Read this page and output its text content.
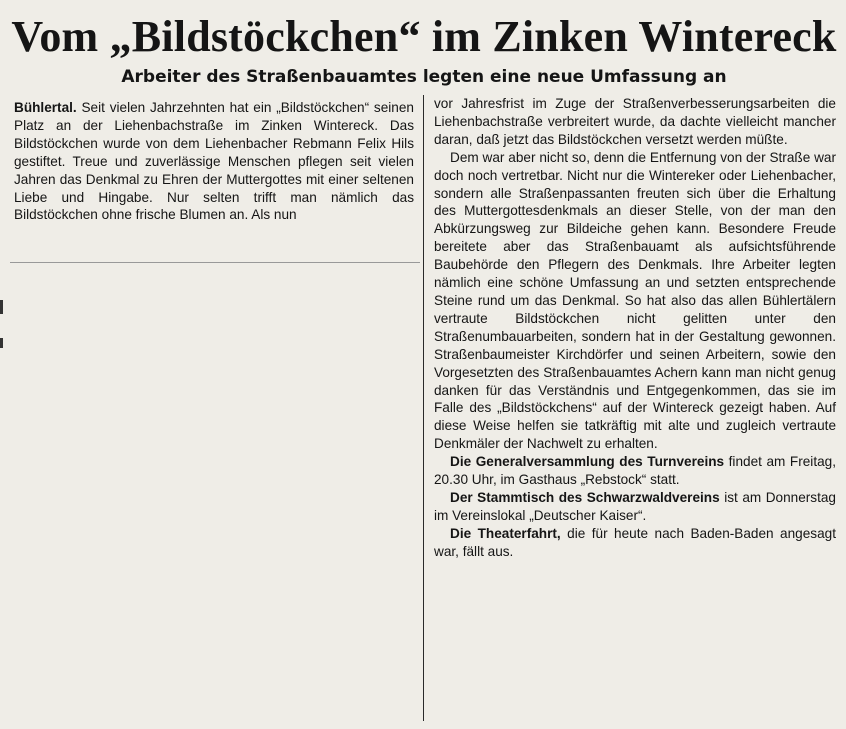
Vom „Bildstöckchen“ im Zinken Wintereck
Arbeiter des Straßenbauamtes legten eine neue Umfassung an

Bühlertal. Seit vielen Jahrzehnten hat ein „Bildstöckchen“ seinen Platz an der Liehenbachstraße im Zinken Wintereck. Das Bildstöckchen wurde von dem Liehenbacher Rebmann Felix Hils gestiftet. Treue und zuverlässige Menschen pflegen seit vielen Jahren das Denkmal zu Ehren der Muttergottes mit einer seltenen Liebe und Hingabe. Nur selten trifft man nämlich das Bildstöckchen ohne frische Blumen an. Als nun

vor Jahresfrist im Zuge der Straßenverbesserungsarbeiten die Liehenbachstraße verbreitert wurde, da dachte vielleicht mancher daran, daß jetzt das Bildstöckchen versetzt werden müßte.

Dem war aber nicht so, denn die Entfernung von der Straße war doch noch vertretbar. Nicht nur die Wintereker oder Liehenbacher, sondern alle Straßenpassanten freuten sich über die Erhaltung des Muttergottesdenkmals an dieser Stelle, von der man den Abkürzungsweg zur Bildeiche gehen kann. Besondere Freude bereitete aber das Straßenbauamt als aufsichtsführende Baubehörde den Pflegern des Denkmals. Ihre Arbeiter legten nämlich eine schöne Umfassung an und setzten entsprechende Steine rund um das Denkmal. So hat also das allen Bühlertälern vertraute Bildstöckchen nicht gelitten unter den Straßenumbauarbeiten, sondern hat in der Gestaltung gewonnen. Straßenbaumeister Kirchdörfer und seinen Arbeitern, sowie den Vorgesetzten des Straßenbauamtes Achern kann man nicht genug danken für das Verständnis und Entgegenkommen, das sie im Falle des „Bildstöckchens“ auf der Wintereck gezeigt haben. Auf diese Weise helfen sie tatkräftig mit alte und zugleich vertraute Denkmäler der Nachwelt zu erhalten.

Die Generalversammlung des Turnvereins findet am Freitag, 20.30 Uhr, im Gasthaus „Rebstock“ statt.

Der Stammtisch des Schwarzwaldvereins ist am Donnerstag im Vereinslokal „Deutscher Kaiser“.

Die Theaterfahrt, die für heute nach Baden-Baden angesagt war, fällt aus.
